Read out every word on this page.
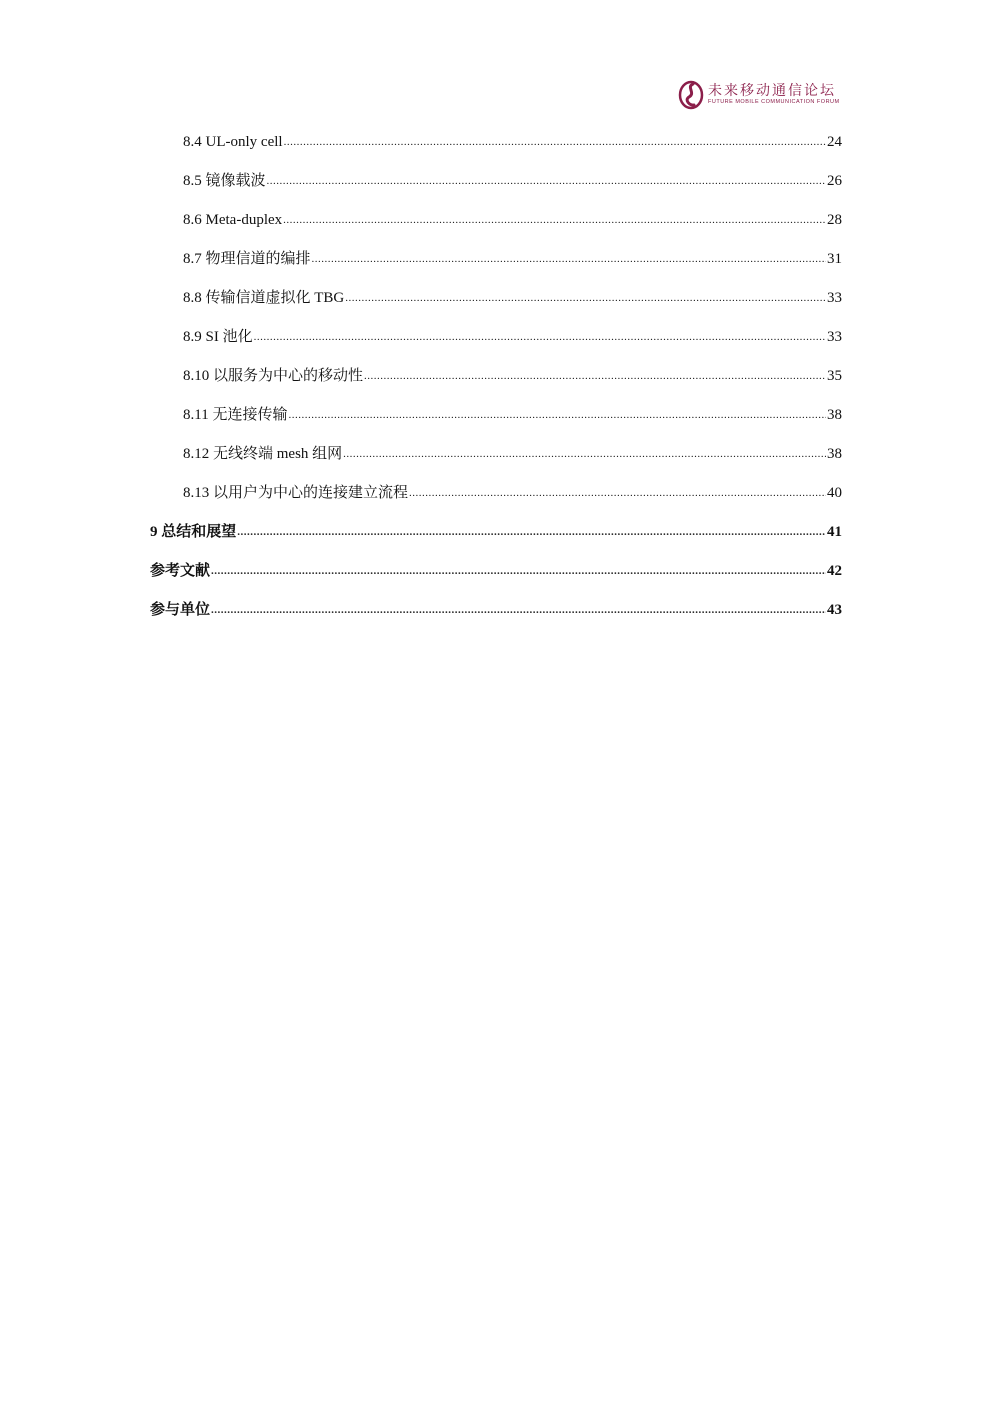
未来移动通信论坛
FUTURE MOBILE COMMUNICATION FORUM
8.4 UL-only cell .....	24
8.5 镜像载波 .....	26
8.6 Meta-duplex .....	28
8.7 物理信道的编排 .....	31
8.8 传输信道虚拟化 TBG .....	33
8.9 SI 池化 .....	33
8.10 以服务为中心的移动性 .....	35
8.11 无连接传输 .....	38
8.12 无线终端 mesh 组网 .....	38
8.13 以用户为中心的连接建立流程 .....	40
9 总结和展望 .....	41
参考文献 .....	42
参与单位 .....	43
